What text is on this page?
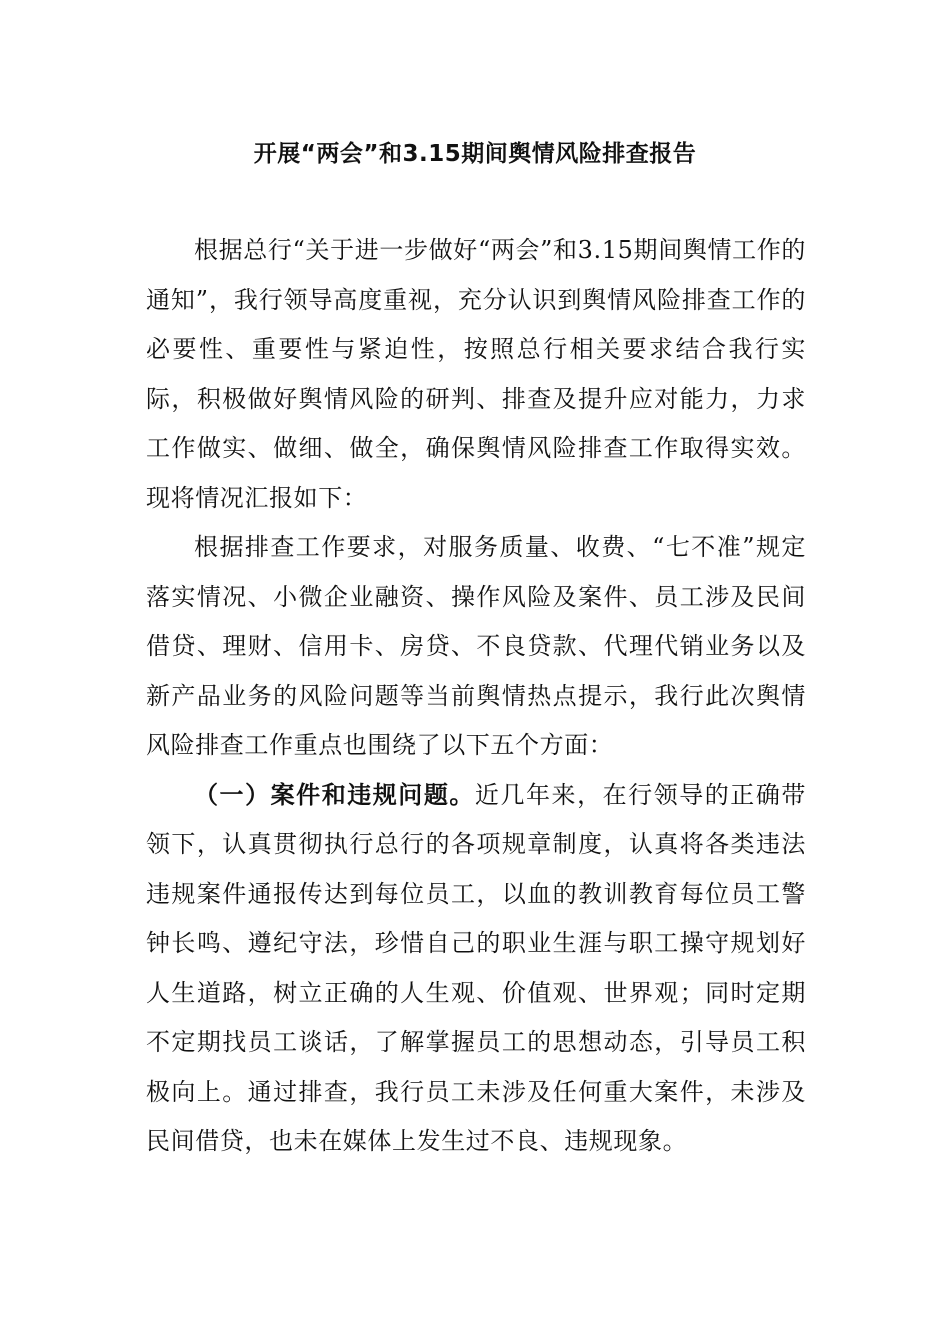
开展“两会”和3.15期间舆情风险排查报告

根据总行“关于进一步做好“两会”和3.15期间舆情工作的通知”，我行领导高度重视，充分认识到舆情风险排查工作的必要性、重要性与紧迫性，按照总行相关要求结合我行实际，积极做好舆情风险的研判、排查及提升应对能力，力求工作做实、做细、做全，确保舆情风险排查工作取得实效。现将情况汇报如下：

根据排查工作要求，对服务质量、收费、“七不准”规定落实情况、小微企业融资、操作风险及案件、员工涉及民间借贷、理财、信用卡、房贷、不良贷款、代理代销业务以及新产品业务的风险问题等当前舆情热点提示，我行此次舆情风险排查工作重点也围绕了以下五个方面：

（一）案件和违规问题。近几年来，在行领导的正确带领下，认真贯彻执行总行的各项规章制度，认真将各类违法违规案件通报传达到每位员工，以血的教训教育每位员工警钟长鸣、遵纪守法，珍惜自己的职业生涯与职工操守规划好人生道路，树立正确的人生观、价值观、世界观；同时定期不定期找员工谈话，了解掌握员工的思想动态，引导员工积极向上。通过排查，我行员工未涉及任何重大案件，未涉及民间借贷，也未在媒体上发生过不良、违规现象。
